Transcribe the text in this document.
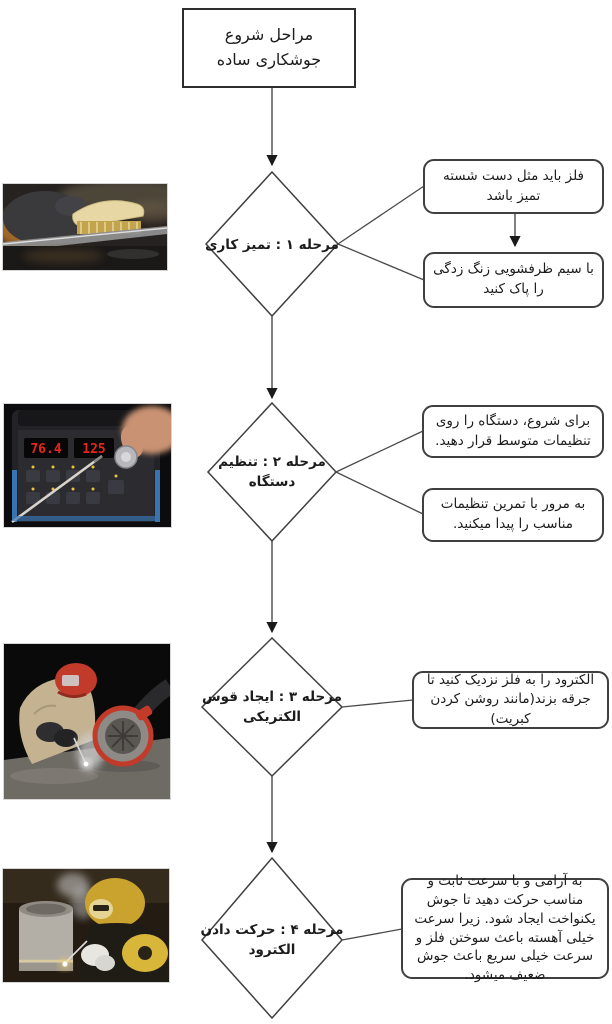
مراحل شروع جوشکاری ساده
مرحله ۱ : تمیز کاری
مرحله ۲ : تنظیم
دستگاه
مرحله ۳ : ایجاد قوس
الکتریکی
مرحله ۴ : حرکت دادن
الکترود
فلز باید مثل دست شسته تمیز باشد
با سیم ظرفشویی زنگ زدگی را پاک کنید
برای شروع، دستگاه را روی تنظیمات متوسط قرار دهید.
به مرور با تمرین تنظیمات مناسب را پیدا میکنید.
الکترود را به فلز نزدیک کنید تا جرقه بزند(مانند روشن کردن کبریت)
به آرامی و با سرعت ثابت و مناسب حرکت دهید تا جوش یکنواخت ایجاد شود. زیرا سرعت خیلی آهسته باعث سوختن فلز و سرعت خیلی سریع باعث جوش ضعیف میشود.
76.4 125
